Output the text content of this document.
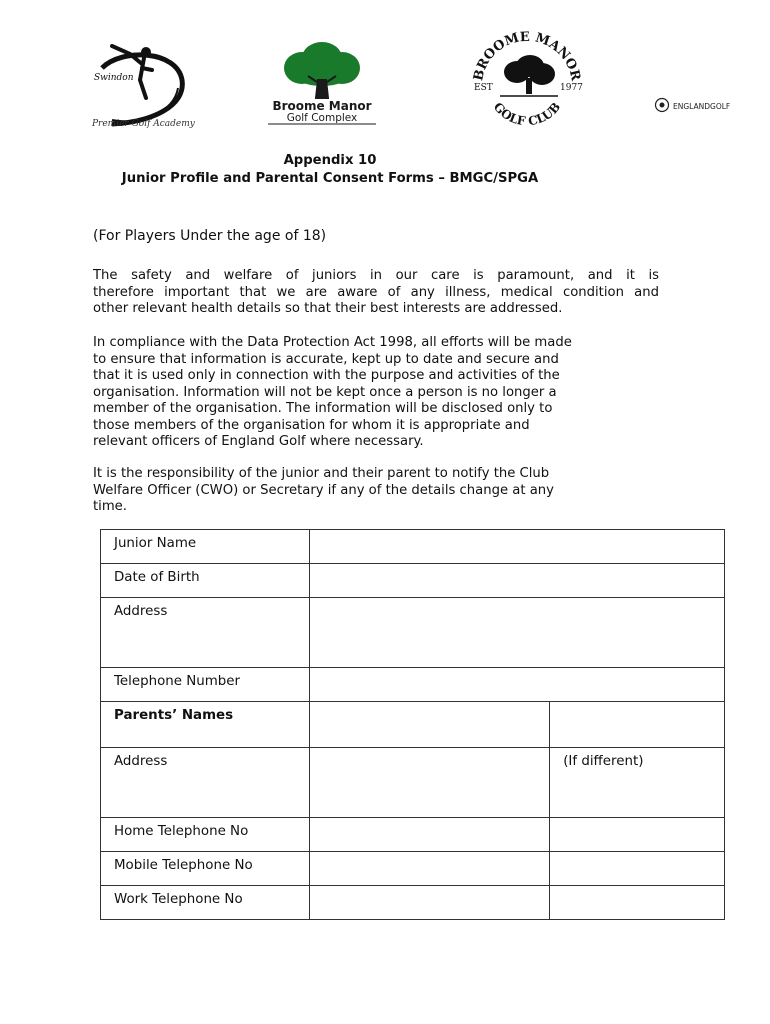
Swindon
Premier Golf Academy
Broome Manor
Golf Complex
BROOME MANOR
GOLF CLUB
EST	1977
ENGLANDGOLF
Appendix 10
Junior Profile and Parental Consent Forms – BMGC/SPGA
(For Players Under the age of 18)
The safety and welfare of juniors in our care is paramount, and it is
therefore important that we are aware of any illness, medical condition and
other relevant health details so that their best interests are addressed.
In compliance with the Data Protection Act 1998, all efforts will be made
to ensure that information is accurate, kept up to date and secure and
that it is used only in connection with the purpose and activities of the
organisation. Information will not be kept once a person is no longer a
member of the organisation. The information will be disclosed only to
those members of the organisation for whom it is appropriate and
relevant officers of England Golf where necessary.
It is the responsibility of the junior and their parent to notify the Club
Welfare Officer (CWO) or Secretary if any of the details change at any
time.
Junior Name		
Date of Birth		
Address		
Telephone Number		
Parents’ Names		
Address		(If different)
Home Telephone No		
Mobile Telephone No		
Work Telephone No		
